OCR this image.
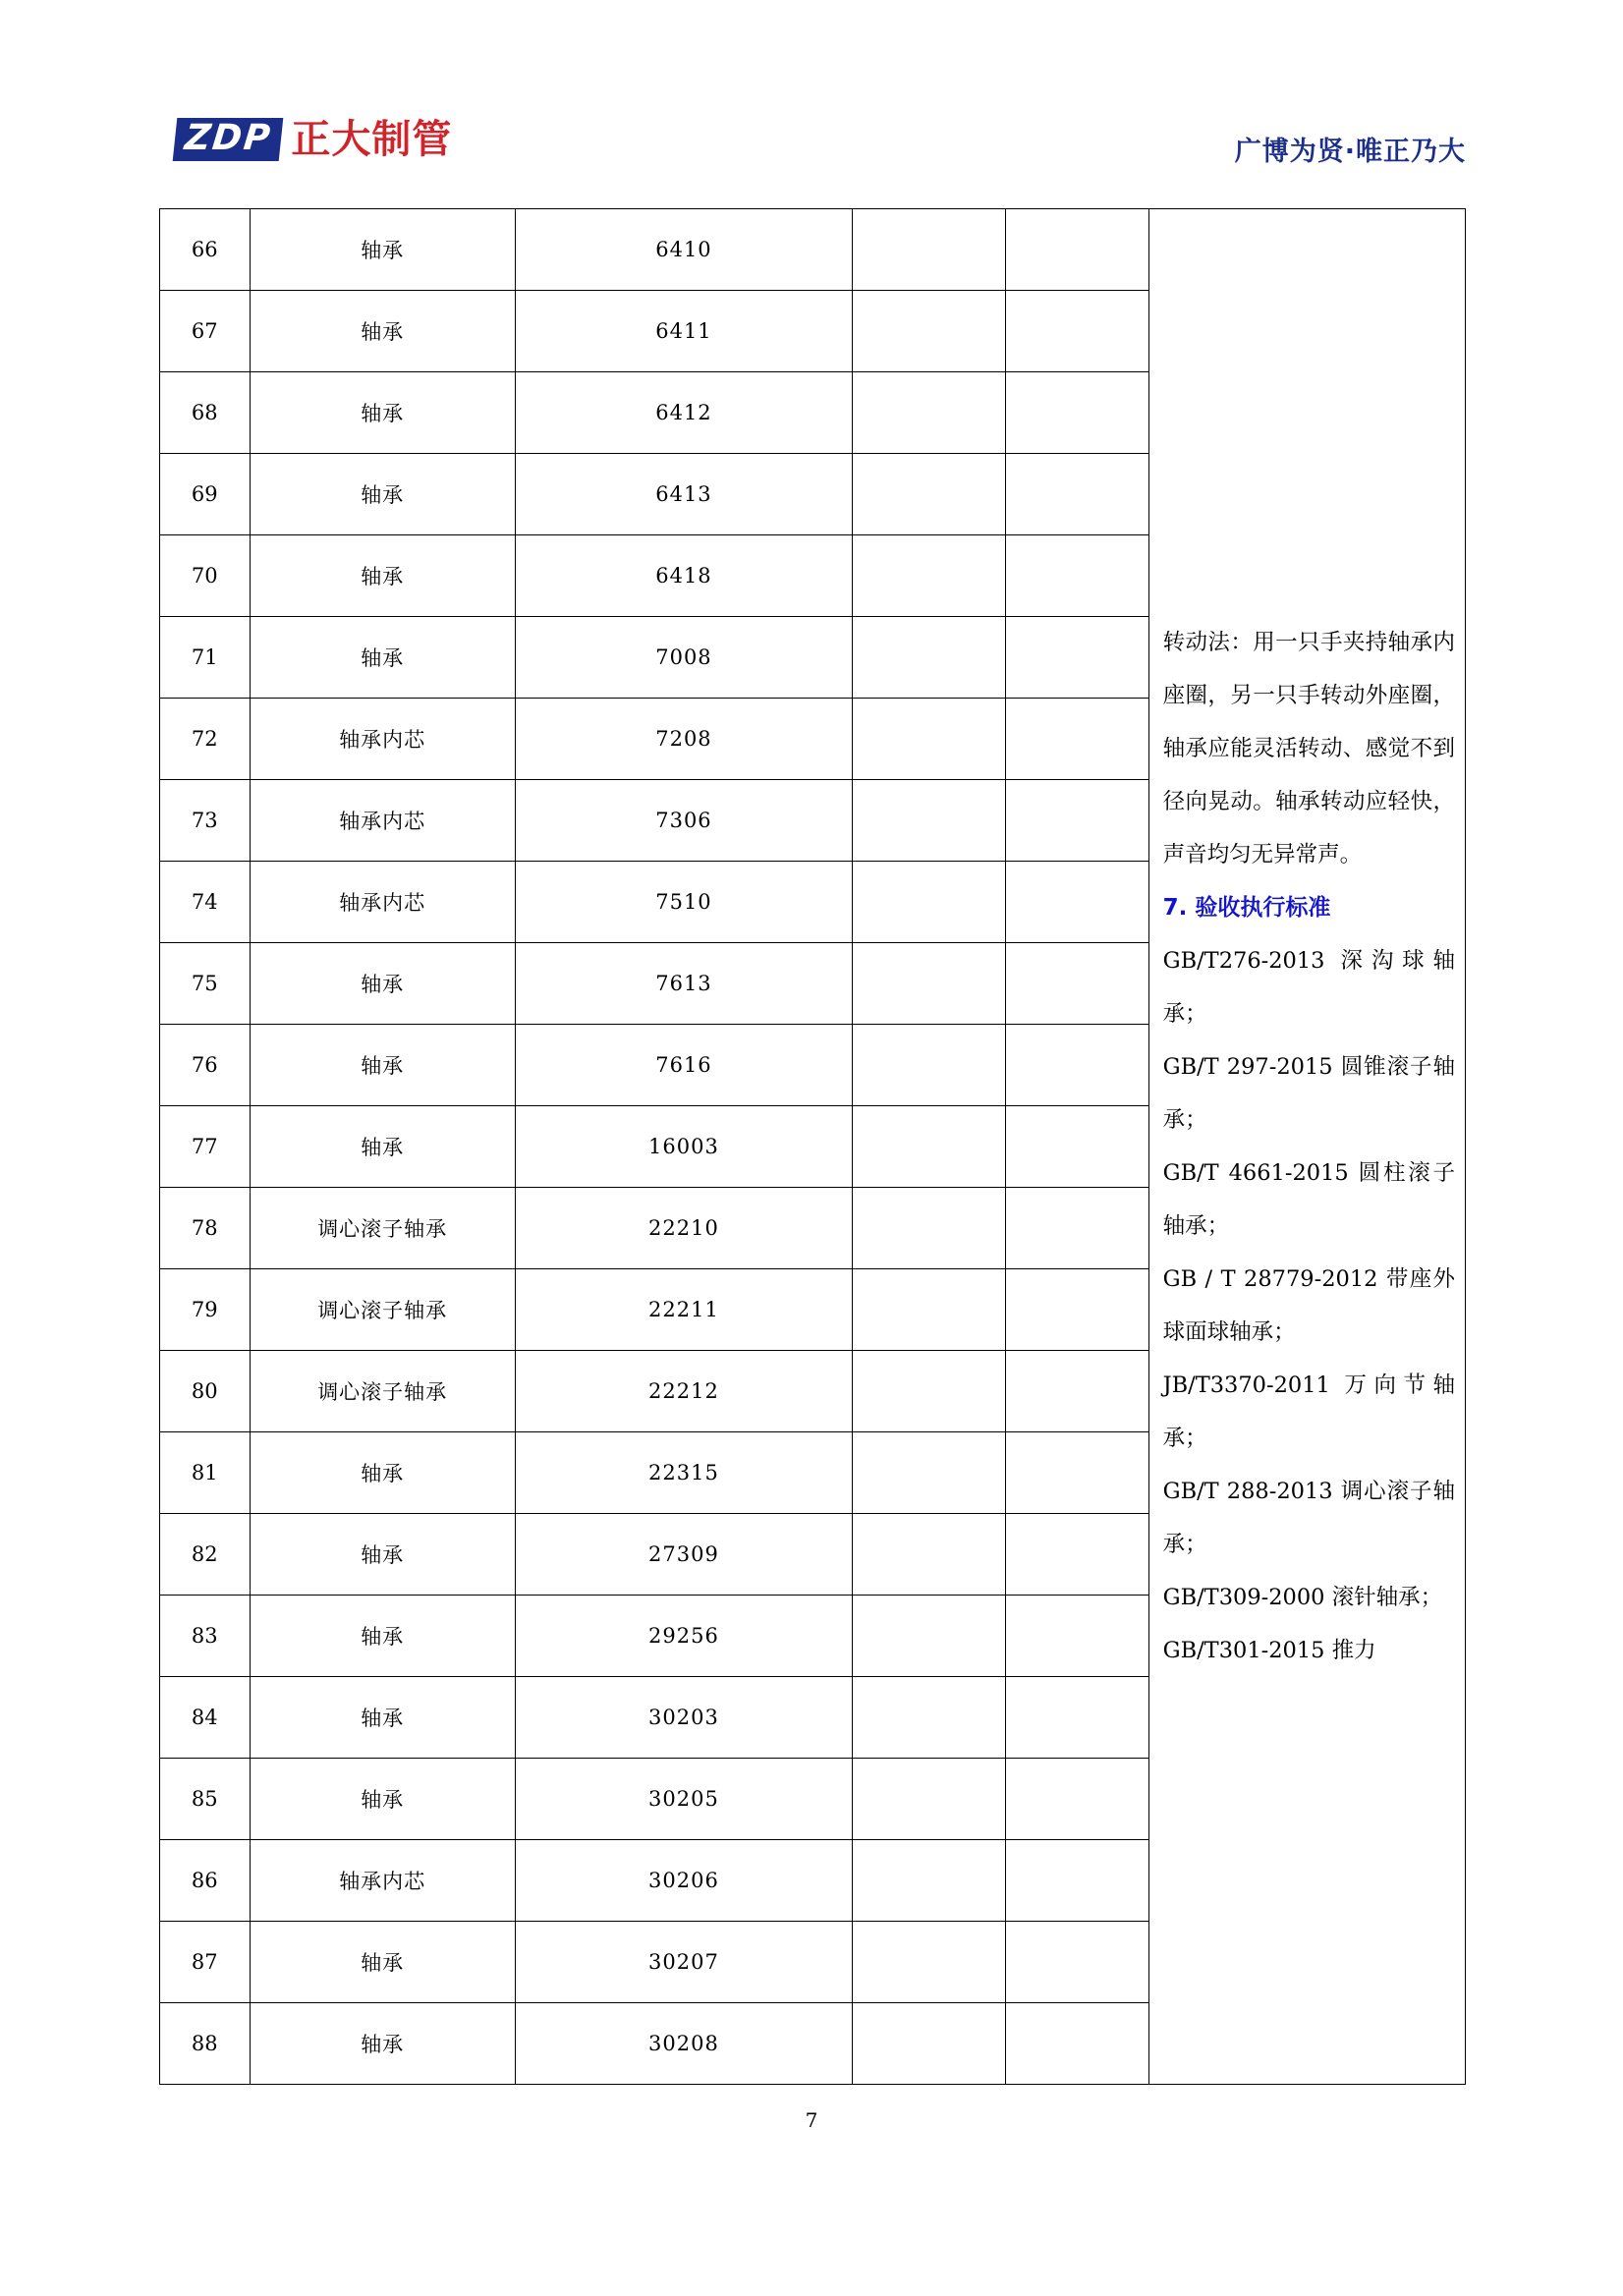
ZDP 正大制管	广博为贤·唯正乃大
66	轴承	6410			

转动法：用一只手夹持轴承内座圈，另一只手转动外座圈，轴承应能灵活转动、感觉不到径向晃动。轴承转动应轻快，声音均匀无异常声。

7. 验收执行标准

GB/T276-2013 深沟球轴承；

GB/T 297-2015 圆锥滚子轴承；

GB/T 4661-2015 圆柱滚子轴承；

GB / T 28779-2012 带座外球面球轴承；

JB/T3370-2011 万向节轴承；

GB/T 288-2013 调心滚子轴承；

GB/T309-2000 滚针轴承；

GB/T301-2015 推力

67	轴承	6411			
68	轴承	6412			
69	轴承	6413			
70	轴承	6418			
71	轴承	7008			
72	轴承内芯	7208			
73	轴承内芯	7306			
74	轴承内芯	7510			
75	轴承	7613			
76	轴承	7616			
77	轴承	16003			
78	调心滚子轴承	22210			
79	调心滚子轴承	22211			
80	调心滚子轴承	22212			
81	轴承	22315			
82	轴承	27309			
83	轴承	29256			
84	轴承	30203			
85	轴承	30205			
86	轴承内芯	30206			
87	轴承	30207			
88	轴承	30208			
7
